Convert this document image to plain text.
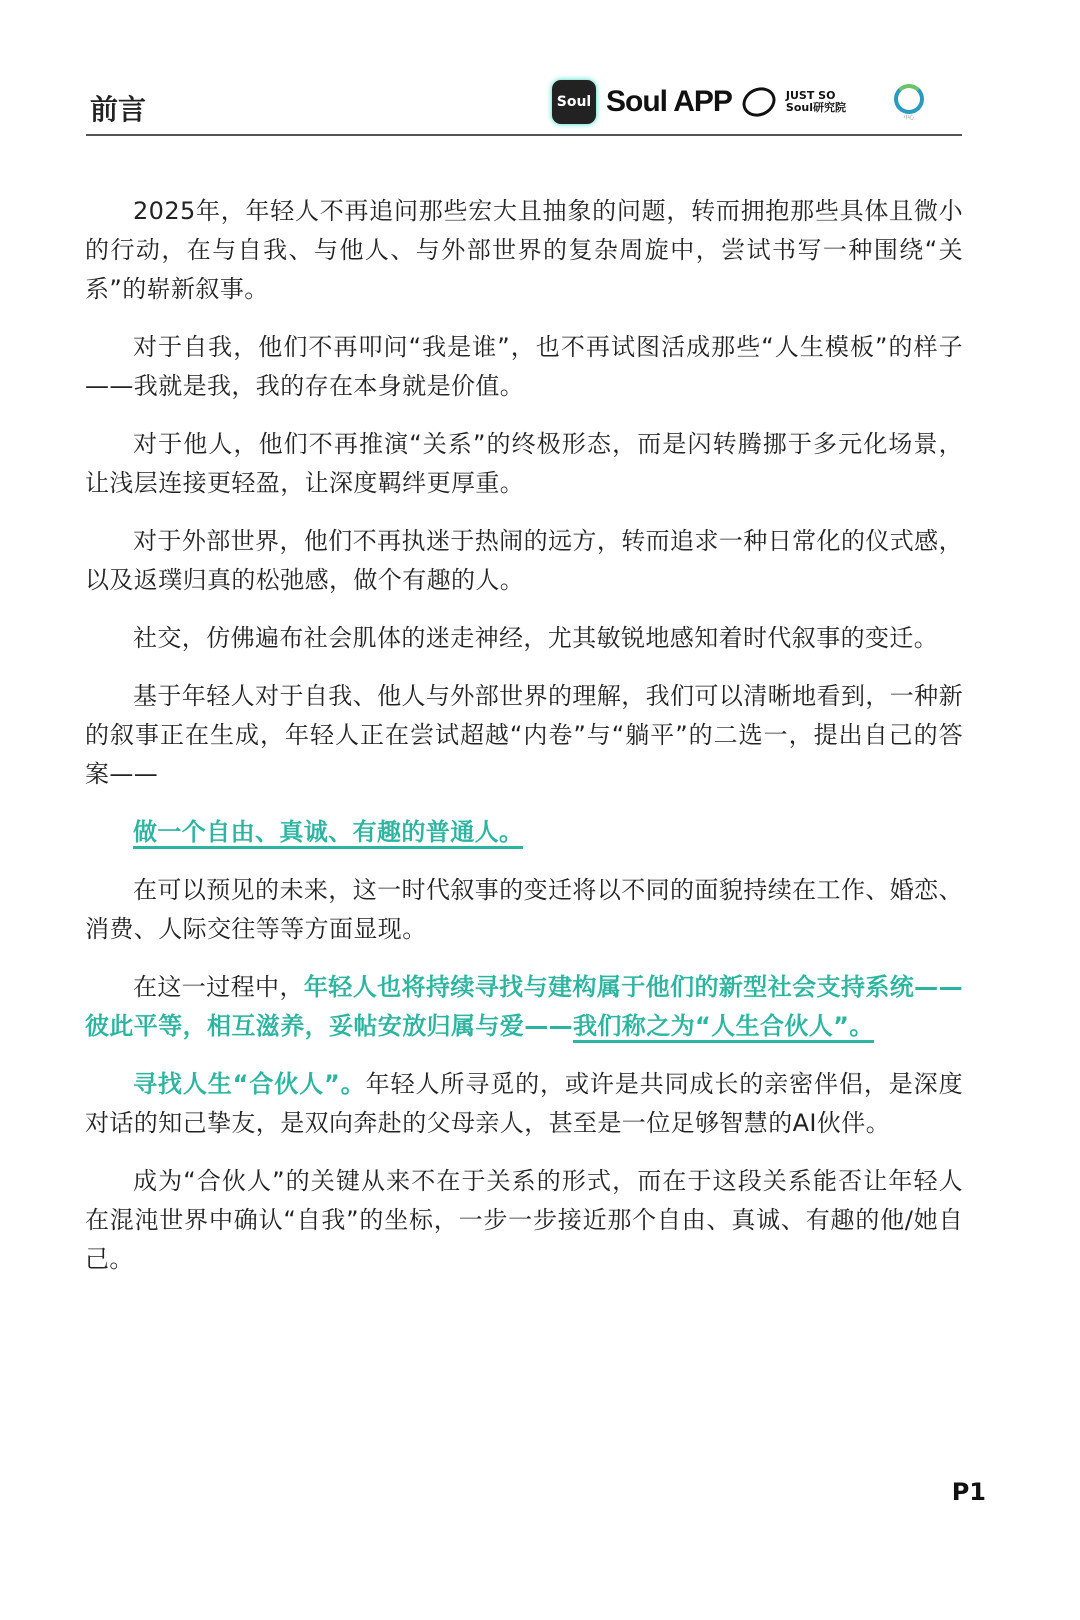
前言	Soul Soul APP	JUST SO
Soul研究院
中心

2025年，年轻人不再追问那些宏大且抽象的问题，转而拥抱那些具体且微小的行动，在与自我、与他人、与外部世界的复杂周旋中，尝试书写一种围绕“关系”的崭新叙事。

对于自我，他们不再叩问“我是谁”，也不再试图活成那些“人生模板”的样子——我就是我，我的存在本身就是价值。

对于他人，他们不再推演“关系”的终极形态，而是闪转腾挪于多元化场景，让浅层连接更轻盈，让深度羁绊更厚重。

对于外部世界，他们不再执迷于热闹的远方，转而追求一种日常化的仪式感，以及返璞归真的松弛感，做个有趣的人。

社交，仿佛遍布社会肌体的迷走神经，尤其敏锐地感知着时代叙事的变迁。

基于年轻人对于自我、他人与外部世界的理解，我们可以清晰地看到，一种新的叙事正在生成，年轻人正在尝试超越“内卷”与“躺平”的二选一，提出自己的答案——

做一个自由、真诚、有趣的普通人。

在可以预见的未来，这一时代叙事的变迁将以不同的面貌持续在工作、婚恋、消费、人际交往等等方面显现。

在这一过程中，年轻人也将持续寻找与建构属于他们的新型社会支持系统——彼此平等，相互滋养，妥帖安放归属与爱——我们称之为“人生合伙人”。

寻找人生“合伙人”。年轻人所寻觅的，或许是共同成长的亲密伴侣，是深度对话的知己挚友，是双向奔赴的父母亲人，甚至是一位足够智慧的AI伙伴。

成为“合伙人”的关键从来不在于关系的形式，而在于这段关系能否让年轻人在混沌世界中确认“自我”的坐标，一步一步接近那个自由、真诚、有趣的他/她自己。

P1
